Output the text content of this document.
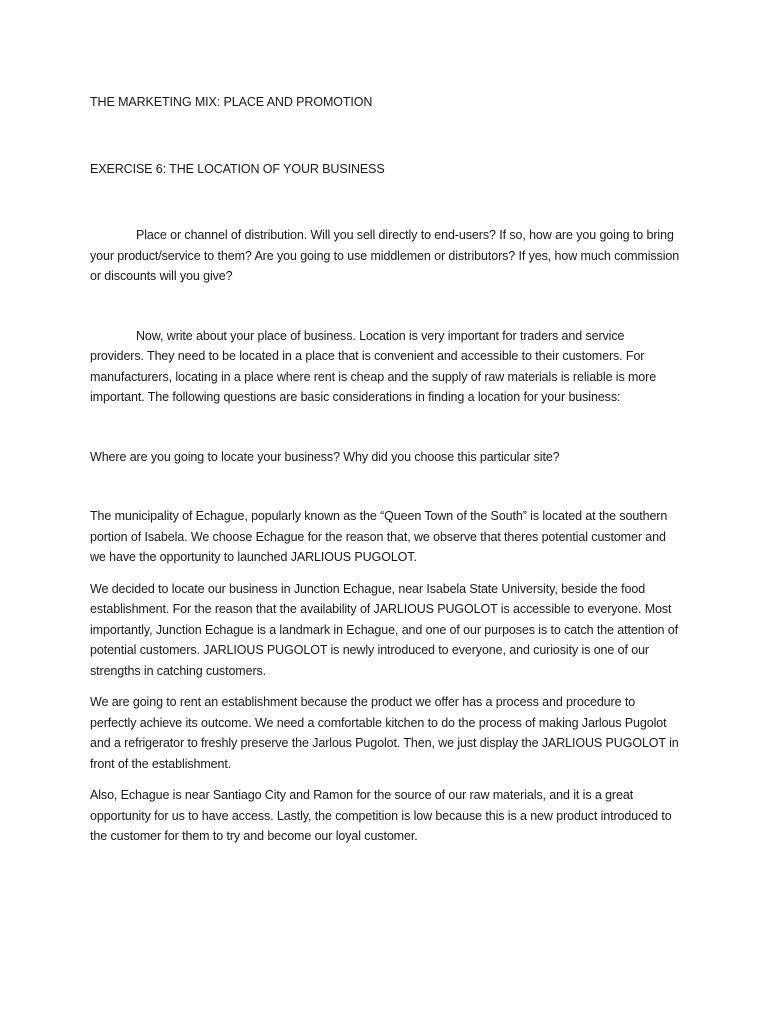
THE MARKETING MIX: PLACE AND PROMOTION

EXERCISE 6: THE LOCATION OF YOUR BUSINESS

Place or channel of distribution. Will you sell directly to end-users? If so, how are you going to bring your product/service to them? Are you going to use middlemen or distributors? If yes, how much commission or discounts will you give?

Now, write about your place of business. Location is very important for traders and service providers. They need to be located in a place that is convenient and accessible to their customers. For manufacturers, locating in a place where rent is cheap and the supply of raw materials is reliable is more important. The following questions are basic considerations in finding a location for your business:

Where are you going to locate your business? Why did you choose this particular site?

The municipality of Echague, popularly known as the “Queen Town of the South” is located at the southern portion of Isabela. We choose Echague for the reason that, we observe that theres potential customer and we have the opportunity to launched JARLIOUS PUGOLOT.

We decided to locate our business in Junction Echague, near Isabela State University, beside the food establishment. For the reason that the availability of JARLIOUS PUGOLOT is accessible to everyone. Most importantly, Junction Echague is a landmark in Echague, and one of our purposes is to catch the attention of potential customers. JARLIOUS PUGOLOT is newly introduced to everyone, and curiosity is one of our strengths in catching customers.

We are going to rent an establishment because the product we offer has a process and procedure to perfectly achieve its outcome. We need a comfortable kitchen to do the process of making Jarlous Pugolot and a refrigerator to freshly preserve the Jarlous Pugolot. Then, we just display the JARLIOUS PUGOLOT in front of the establishment.

Also, Echague is near Santiago City and Ramon for the source of our raw materials, and it is a great opportunity for us to have access. Lastly, the competition is low because this is a new product introduced to the customer for them to try and become our loyal customer.
